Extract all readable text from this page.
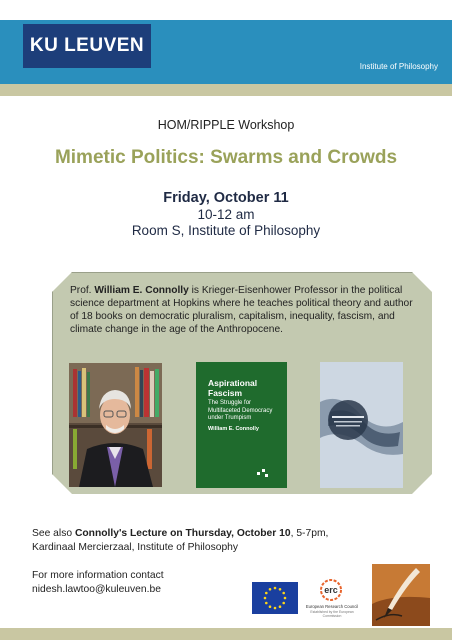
KU LEUVEN
Institute of Philosophy
HOM/RIPPLE Workshop
Mimetic Politics: Swarms and Crowds
Friday, October 11
10-12 am
Room S, Institute of Philosophy
Prof. William E. Connolly is Krieger-Eisenhower Professor in the political science department at Hopkins where he teaches political theory and author of 18 books on democratic pluralism, capitalism, inequality, fascism, and climate change in the age of the Anthropocene.
Aspirational
Fascism
The Struggle for Multifaceted Democracy under Trumpism
William E. Connolly
See also Connolly's Lecture on Thursday, October 10, 5-7pm,
Kardinaal Mercierzaal, Institute of Philosophy
For more information contact
nidesh.lawtoo@kuleuven.be	erc
European Research Council
Established by the European Commission
